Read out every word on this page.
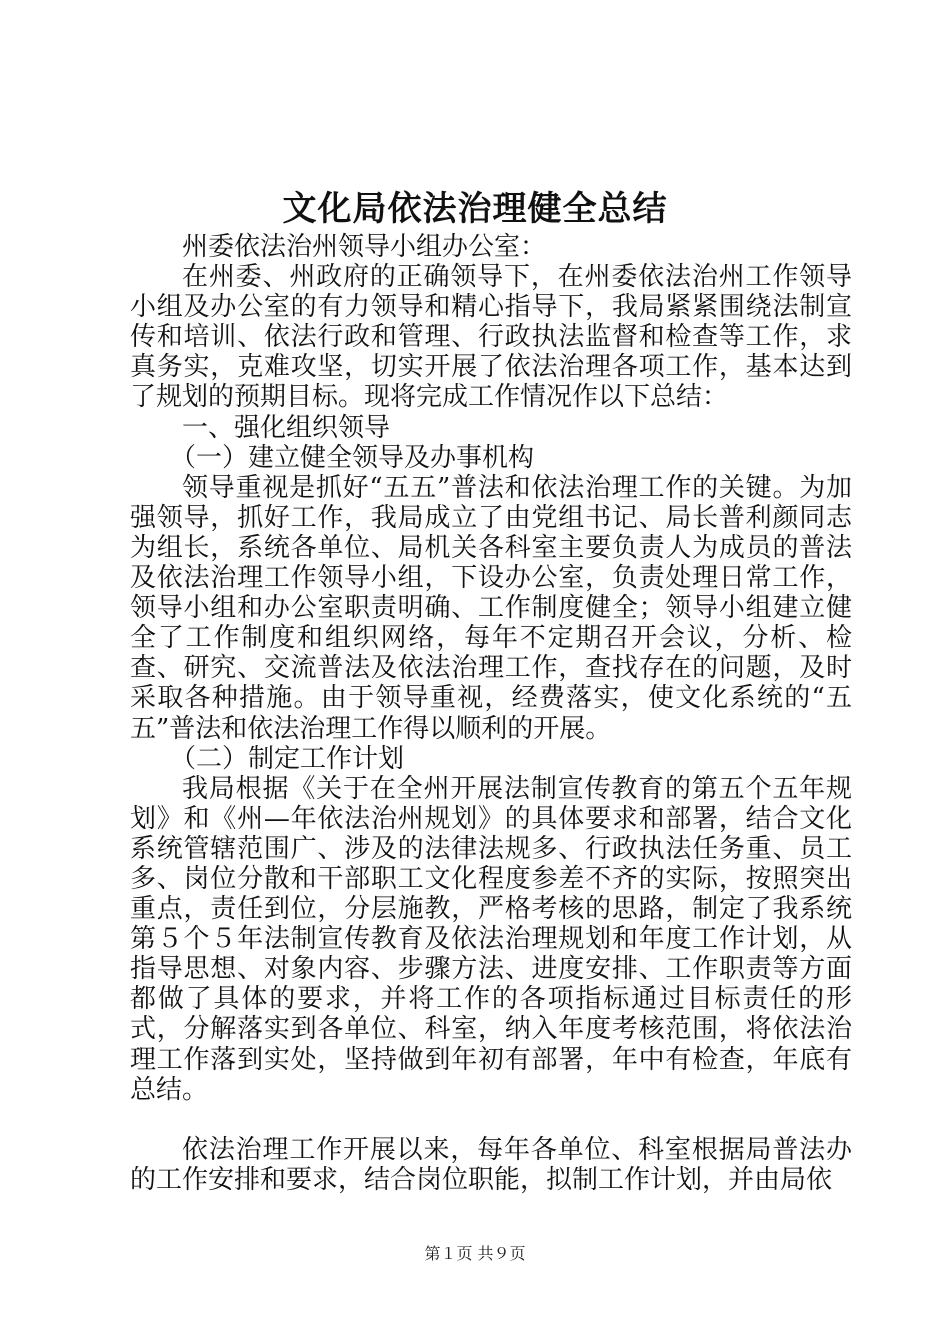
文化局依法治理健全总结

州委依法治州领导小组办公室：

在州委、州政府的正确领导下，在州委依法治州工作领导小组及办公室的有力领导和精心指导下，我局紧紧围绕法制宣传和培训、依法行政和管理、行政执法监督和检查等工作，求真务实，克难攻坚，切实开展了依法治理各项工作，基本达到了规划的预期目标。现将完成工作情况作以下总结：

一、强化组织领导

（一）建立健全领导及办事机构

领导重视是抓好“五五”普法和依法治理工作的关键。为加强领导，抓好工作，我局成立了由党组书记、局长普利颜同志为组长，系统各单位、局机关各科室主要负责人为成员的普法及依法治理工作领导小组，下设办公室，负责处理日常工作，领导小组和办公室职责明确、工作制度健全；领导小组建立健全了工作制度和组织网络，每年不定期召开会议，分析、检查、研究、交流普法及依法治理工作，查找存在的问题，及时采取各种措施。由于领导重视，经费落实，使文化系统的“五五”普法和依法治理工作得以顺利的开展。

（二）制定工作计划

我局根据《关于在全州开展法制宣传教育的第五个五年规划》和《州—年依法治州规划》的具体要求和部署，结合文化系统管辖范围广、涉及的法律法规多、行政执法任务重、员工多、岗位分散和干部职工文化程度参差不齐的实际，按照突出重点，责任到位，分层施教，严格考核的思路，制定了我系统第５个５年法制宣传教育及依法治理规划和年度工作计划，从指导思想、对象内容、步骤方法、进度安排、工作职责等方面都做了具体的要求，并将工作的各项指标通过目标责任的形式，分解落实到各单位、科室，纳入年度考核范围，将依法治理工作落到实处，坚持做到年初有部署，年中有检查，年底有总结。

依法治理工作开展以来，每年各单位、科室根据局普法办的工作安排和要求，结合岗位职能，拟制工作计划，并由局依

第１页 共９页
